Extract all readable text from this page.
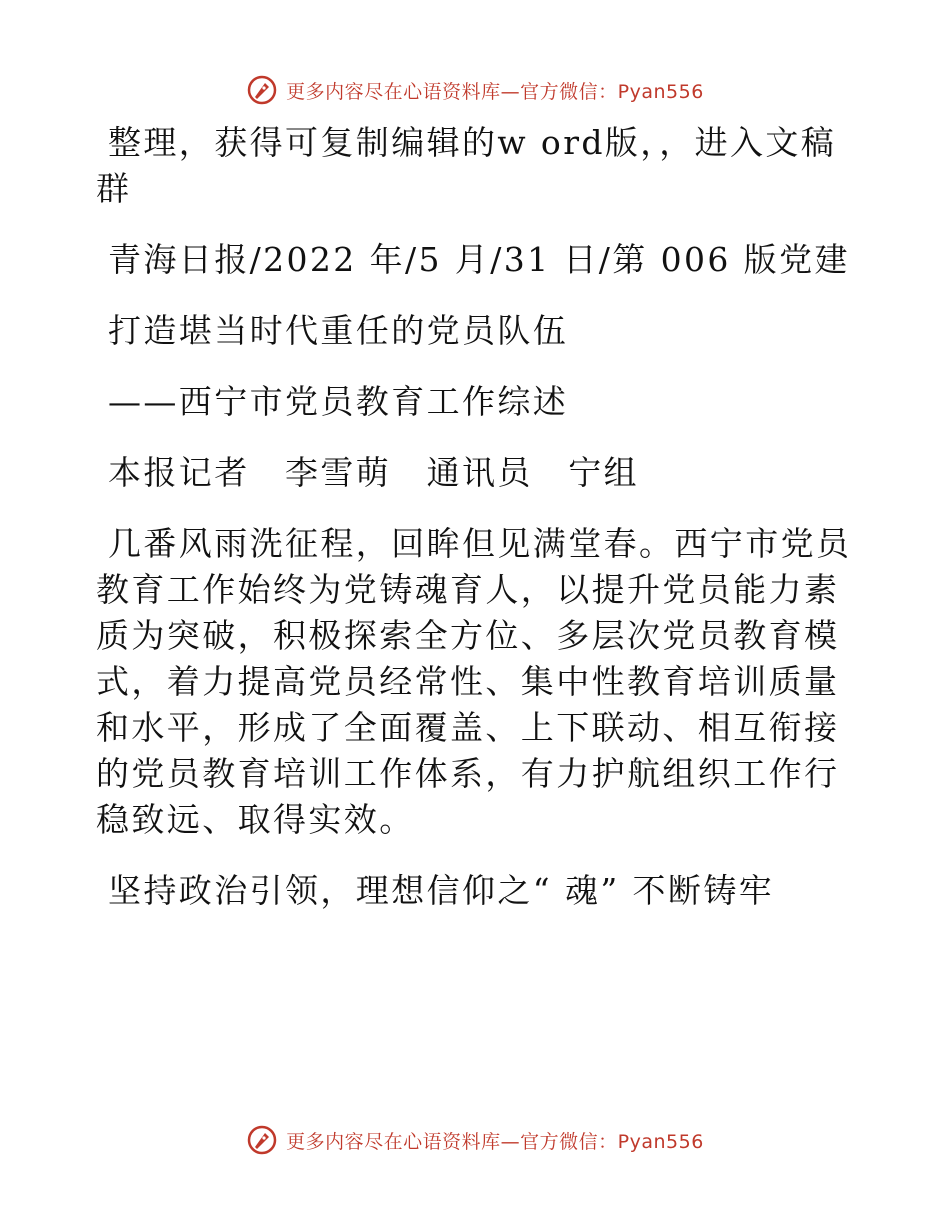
更多内容尽在心语资料库—官方微信：Pyan556

整理，获得可复制编辑的w ord版，，进入文稿群

青海日报/2022 年/5 月/31 日/第 006 版党建

打造堪当时代重任的党员队伍

——西宁市党员教育工作综述

本报记者　李雪萌　通讯员　宁组

几番风雨洗征程，回眸但见满堂春。西宁市党员教育工作始终为党铸魂育人，以提升党员能力素质为突破，积极探索全方位、多层次党员教育模式，着力提高党员经常性、集中性教育培训质量和水平，形成了全面覆盖、上下联动、相互衔接的党员教育培训工作体系，有力护航组织工作行稳致远、取得实效。

坚持政治引领，理想信仰之“ 魂” 不断铸牢

更多内容尽在心语资料库—官方微信：Pyan556
